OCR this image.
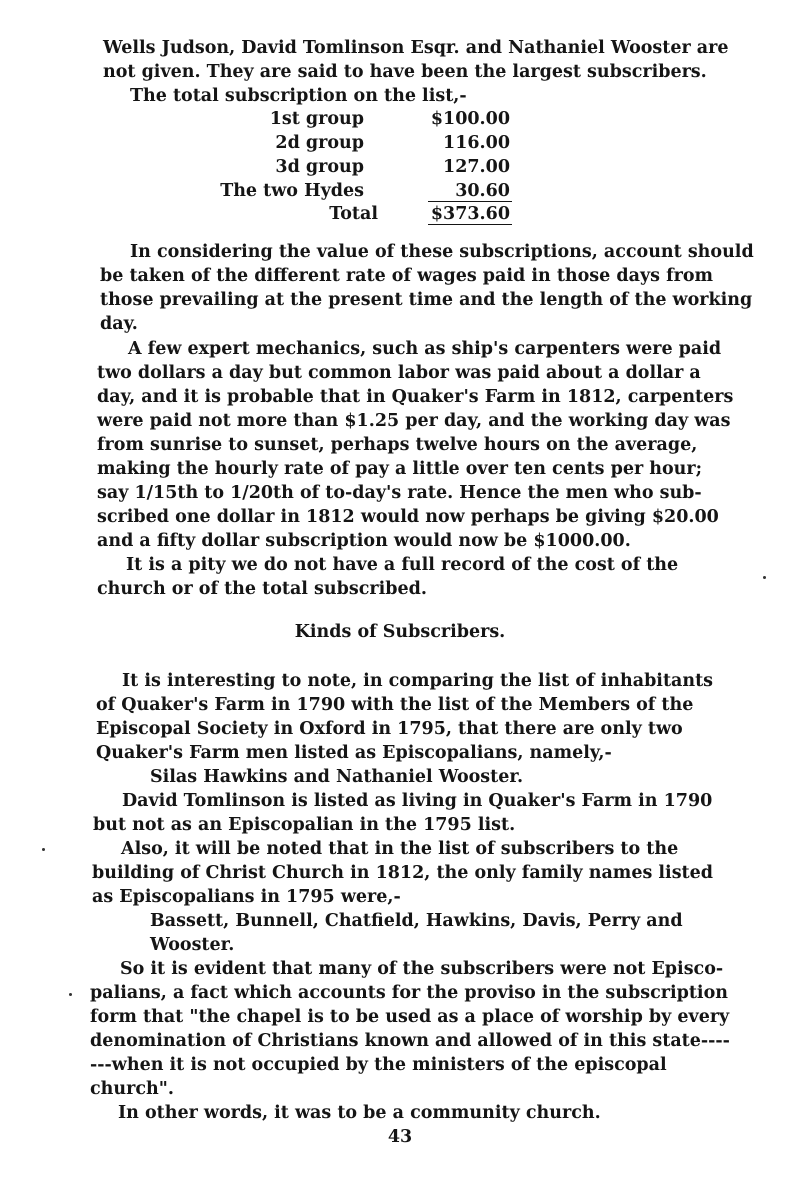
Wells Judson, David Tomlinson Esqr. and Nathaniel Wooster are
not given. They are said to have been the largest subscribers.
The total subscription on the list,-
1st group	$100.00
2d group	116.00
3d group	127.00
The two Hydes	30.60
Total	$373.60
In considering the value of these subscriptions, account should
be taken of the different rate of wages paid in those days from
those prevailing at the present time and the length of the working
day.
A few expert mechanics, such as ship's carpenters were paid
two dollars a day but common labor was paid about a dollar a
day, and it is probable that in Quaker's Farm in 1812, carpenters
were paid not more than $1.25 per day, and the working day was
from sunrise to sunset, perhaps twelve hours on the average,
making the hourly rate of pay a little over ten cents per hour;
say 1/15th to 1/20th of to-day's rate. Hence the men who sub-
scribed one dollar in 1812 would now perhaps be giving $20.00
and a fifty dollar subscription would now be $1000.00.
It is a pity we do not have a full record of the cost of the
church or of the total subscribed.
Kinds of Subscribers.
It is interesting to note, in comparing the list of inhabitants
of Quaker's Farm in 1790 with the list of the Members of the
Episcopal Society in Oxford in 1795, that there are only two
Quaker's Farm men listed as Episcopalians, namely,-
Silas Hawkins and Nathaniel Wooster.
David Tomlinson is listed as living in Quaker's Farm in 1790
but not as an Episcopalian in the 1795 list.
Also, it will be noted that in the list of subscribers to the
building of Christ Church in 1812, the only family names listed
as Episcopalians in 1795 were,-
Bassett, Bunnell, Chatfield, Hawkins, Davis, Perry and
Wooster.
So it is evident that many of the subscribers were not Episco-
palians, a fact which accounts for the proviso in the subscription
form that "the chapel is to be used as a place of worship by every
denomination of Christians known and allowed of in this state----
---when it is not occupied by the ministers of the episcopal
church".
In other words, it was to be a community church.
43
